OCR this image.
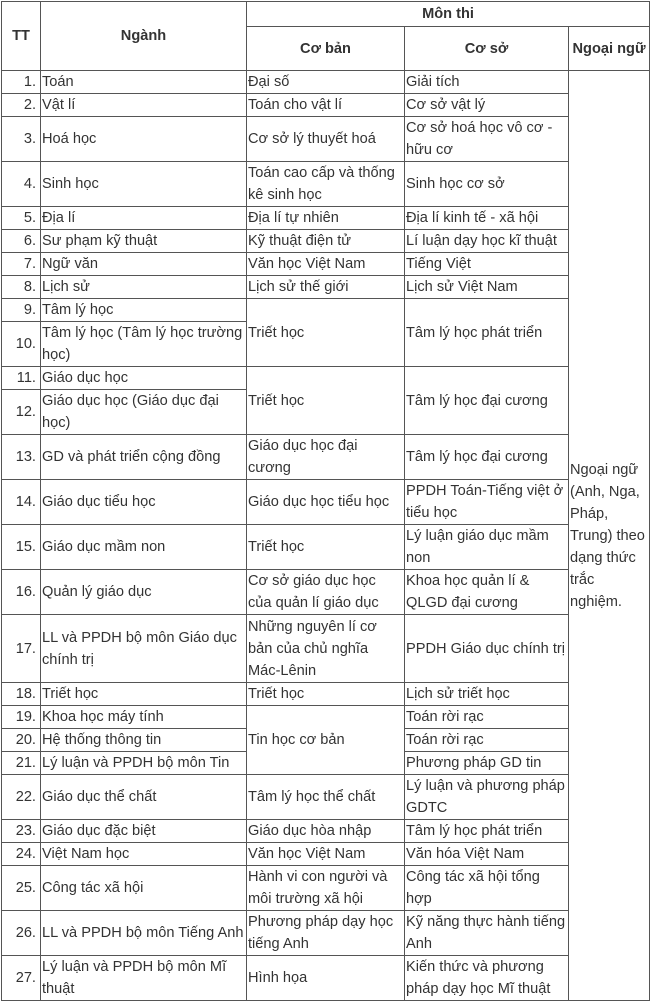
TT	Ngành	Môn thi		
		Cơ bản	Cơ sở	Ngoại ngữ
1.	Toán	Đại số	Giải tích	Ngoại ngữ (Anh, Nga, Pháp, Trung) theo dạng thức trắc nghiệm.
2.	Vật lí	Toán cho vật lí	Cơ sở vật lý	
3.	Hoá học	Cơ sở lý thuyết hoá	Cơ sở hoá học vô cơ - hữu cơ	
4.	Sinh học	Toán cao cấp và thống kê sinh học	Sinh học cơ sở	
5.	Địa lí	Địa lí tự nhiên	Địa lí kinh tế - xã hội	
6.	Sư phạm kỹ thuật	Kỹ thuật điện tử	Lí luận dạy học kĩ thuật	
7.	Ngữ văn	Văn học Việt Nam	Tiếng Việt	
8.	Lịch sử	Lịch sử thế giới	Lịch sử Việt Nam	
9.	Tâm lý học	Triết học	Tâm lý học phát triển	
10.	Tâm lý học (Tâm lý học trường học)			
11.	Giáo dục học	Triết học	Tâm lý học đại cương	
12.	Giáo dục học (Giáo dục đại học)			
13.	GD và phát triển cộng đồng	Giáo dục học đại cương	Tâm lý học đại cương	
14.	Giáo dục tiểu học	Giáo dục học tiểu học	PPDH Toán-Tiếng việt ở tiểu học	
15.	Giáo dục mầm non	Triết học	Lý luận giáo dục mầm non	
16.	Quản lý giáo dục	Cơ sở giáo dục học của quản lí giáo dục	Khoa học quản lí & QLGD đại cương	
17.	LL và PPDH bộ môn Giáo dục chính trị	Những nguyên lí cơ bản của chủ nghĩa Mác-Lênin	PPDH Giáo dục chính trị	
18.	Triết học	Triết học	Lịch sử triết học	
19.	Khoa học máy tính	Tin học cơ bản	Toán rời rạc	
20.	Hệ thống thông tin		Toán rời rạc	
21.	Lý luận và PPDH bộ môn Tin		Phương pháp GD tin	
22.	Giáo dục thể chất	Tâm lý học thể chất	Lý luận và phương pháp GDTC	
23.	Giáo dục đặc biệt	Giáo dục hòa nhập	Tâm lý học phát triển	
24.	Việt Nam học	Văn học Việt Nam	Văn hóa Việt Nam	
25.	Công tác xã hội	Hành vi con người và môi trường xã hội	Công tác xã hội tổng hợp	
26.	LL và PPDH bộ môn Tiếng Anh	Phương pháp dạy học tiếng Anh	Kỹ năng thực hành tiếng Anh	
27.	Lý luận và PPDH bộ môn Mĩ thuật	Hình họa	Kiến thức và phương pháp dạy học Mĩ thuật	
